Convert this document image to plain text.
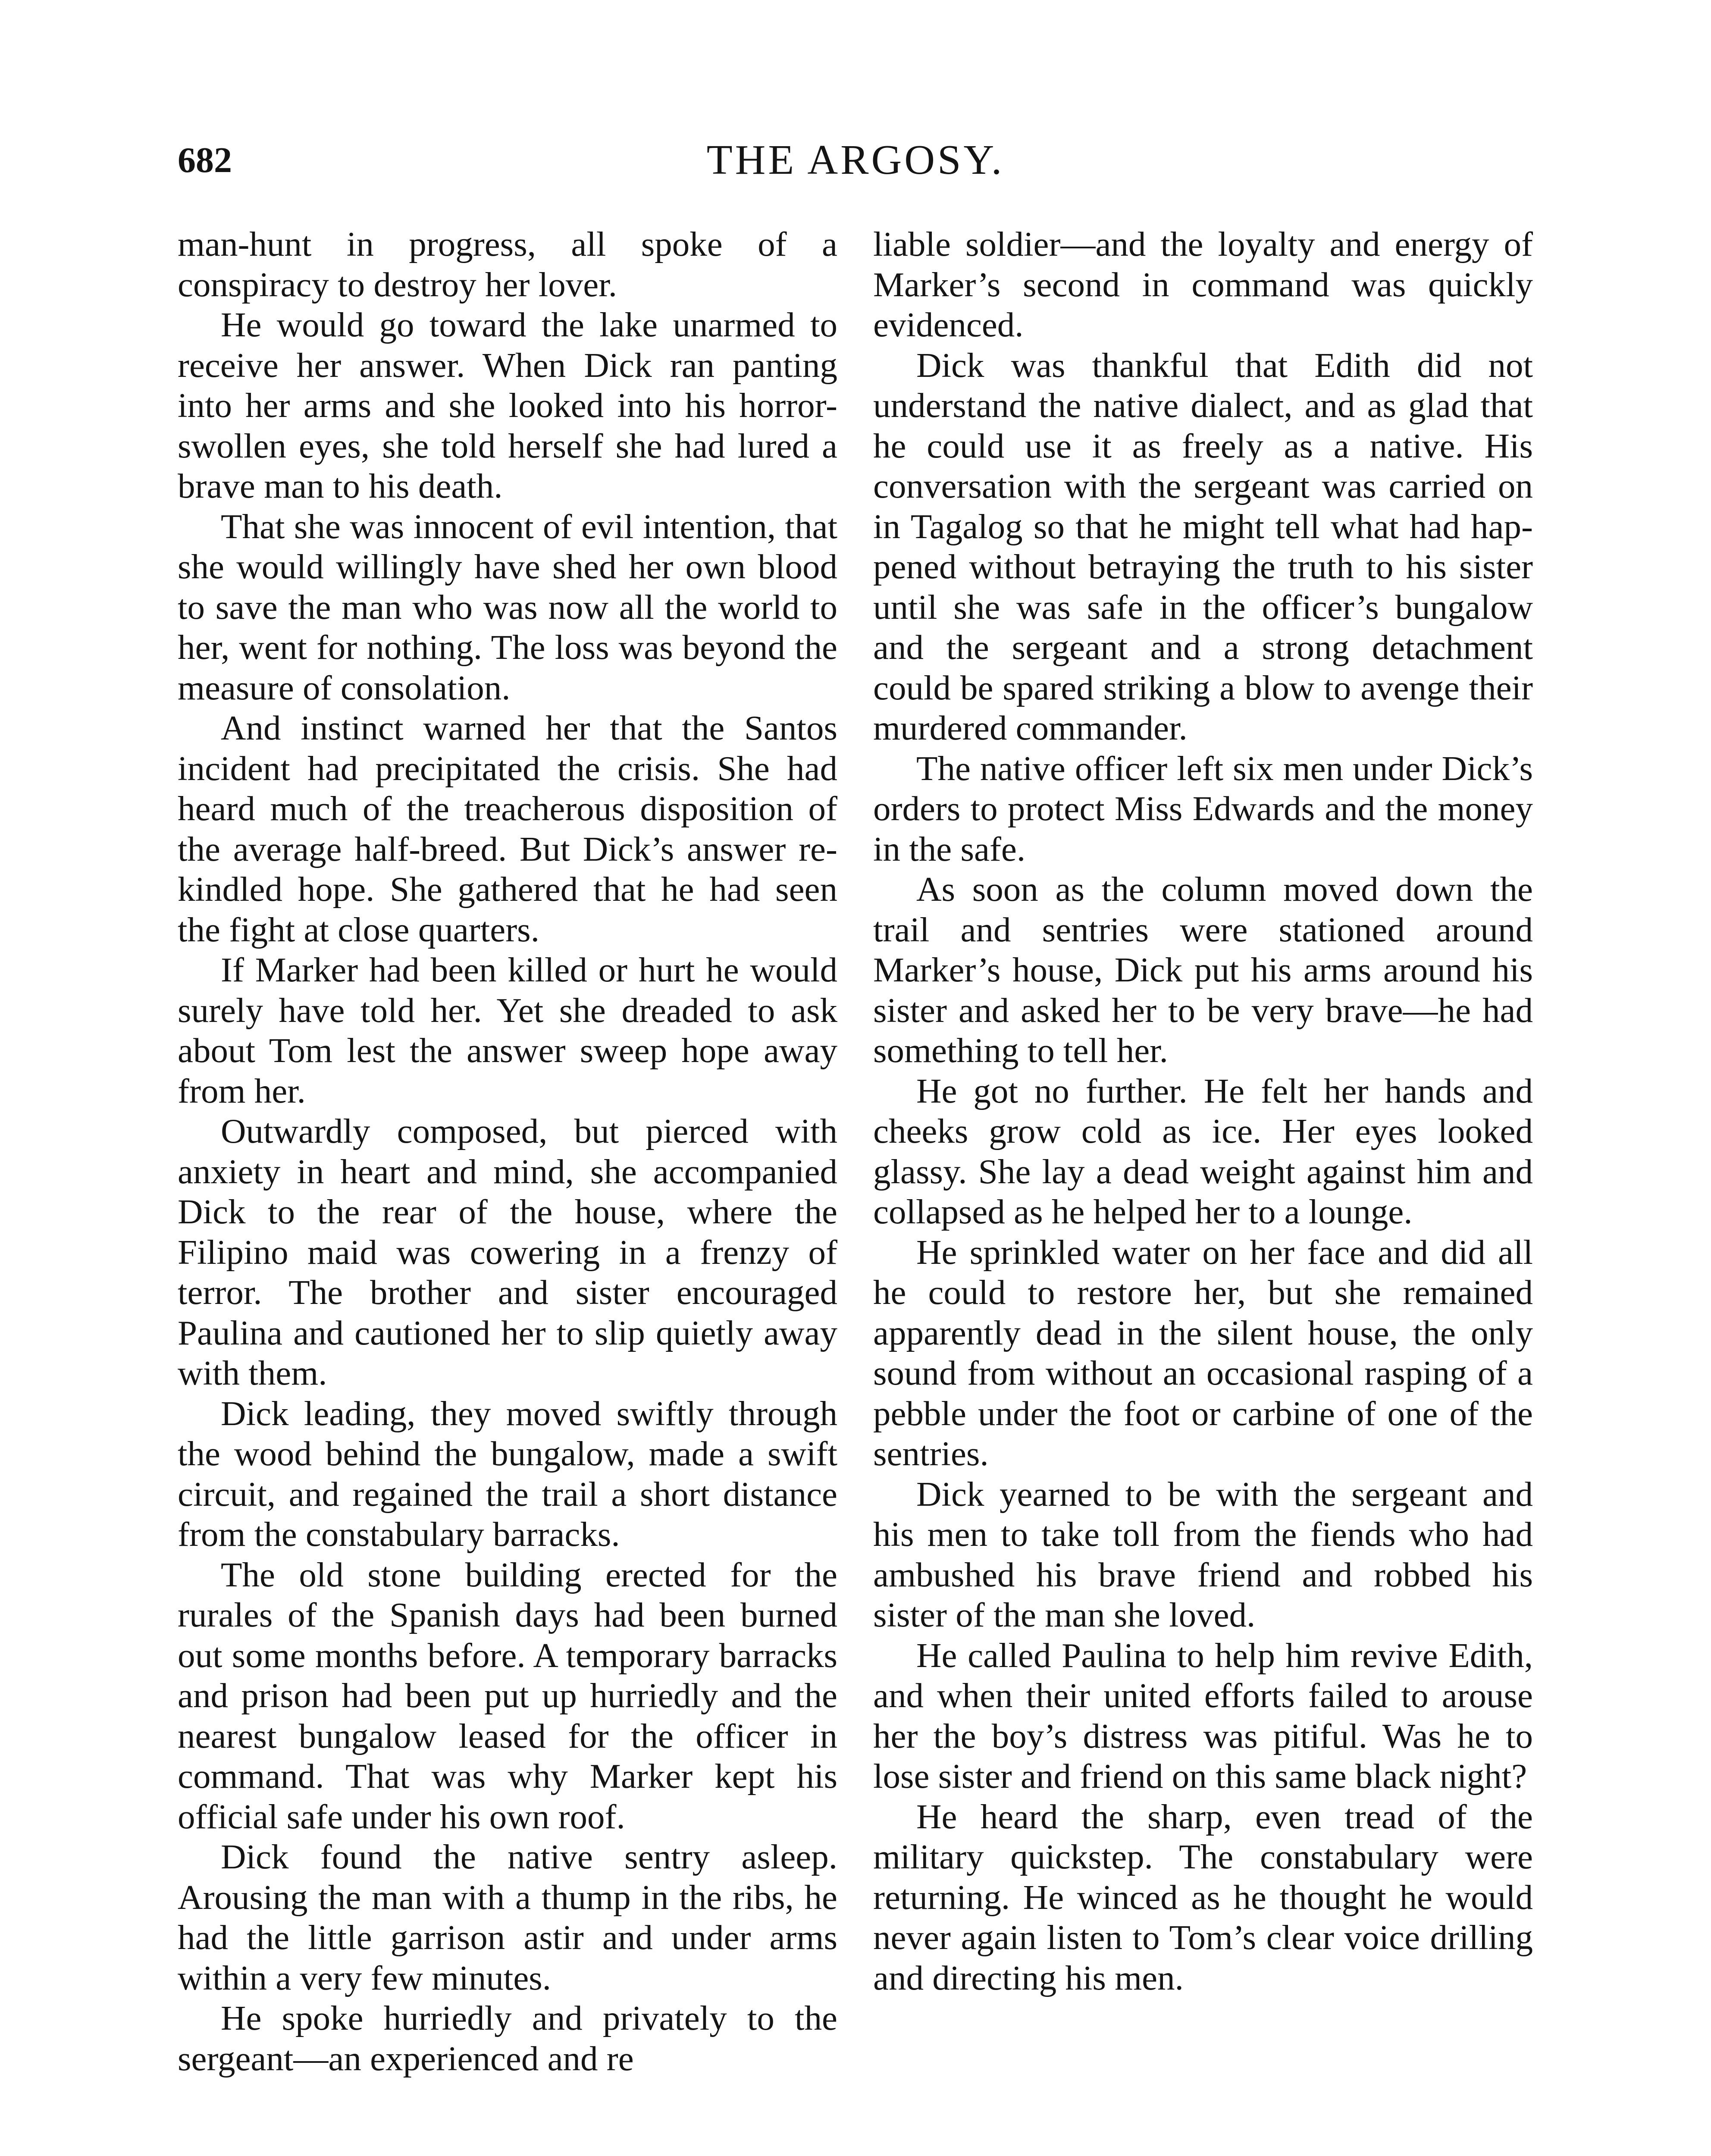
682	THE ARGOSY.

man-hunt in progress, all spoke of a conspiracy to destroy her lover.

He would go toward the lake unarmed to receive her answer. When Dick ran panting into her arms and she looked into his horror-swollen eyes, she told herself she had lured a brave man to his death.

That she was innocent of evil intention, that she would willingly have shed her own blood to save the man who was now all the world to her, went for nothing. The loss was beyond the measure of consolation.

And instinct warned her that the Santos incident had precipitated the crisis. She had heard much of the treacherous disposition of the average half-breed. But Dick’s answer rekindled hope. She gathered that he had seen the fight at close quarters.

If Marker had been killed or hurt he would surely have told her. Yet she dreaded to ask about Tom lest the answer sweep hope away from her.

Outwardly composed, but pierced with anxiety in heart and mind, she accompanied Dick to the rear of the house, where the Filipino maid was cowering in a frenzy of terror. The brother and sister encouraged Paulina and cautioned her to slip quietly away with them.

Dick leading, they moved swiftly through the wood behind the bungalow, made a swift circuit, and regained the trail a short distance from the constabulary barracks.

The old stone building erected for the rurales of the Spanish days had been burned out some months before. A temporary barracks and prison had been put up hurriedly and the nearest bungalow leased for the officer in command. That was why Marker kept his official safe under his own roof.

Dick found the native sentry asleep. Arousing the man with a thump in the ribs, he had the little garrison astir and under arms within a very few minutes.

He spoke hurriedly and privately to the sergeant—an experienced and re

liable soldier—and the loyalty and energy of Marker’s second in command was quickly evidenced.

Dick was thankful that Edith did not understand the native dialect, and as glad that he could use it as freely as a native. His conversation with the sergeant was carried on in Tagalog so that he might tell what had happened without betraying the truth to his sister until she was safe in the officer’s bungalow and the sergeant and a strong detachment could be spared striking a blow to avenge their murdered commander.

The native officer left six men under Dick’s orders to protect Miss Edwards and the money in the safe.

As soon as the column moved down the trail and sentries were stationed around Marker’s house, Dick put his arms around his sister and asked her to be very brave—he had something to tell her.

He got no further. He felt her hands and cheeks grow cold as ice. Her eyes looked glassy. She lay a dead weight against him and collapsed as he helped her to a lounge.

He sprinkled water on her face and did all he could to restore her, but she remained apparently dead in the silent house, the only sound from without an occasional rasping of a pebble under the foot or carbine of one of the sentries.

Dick yearned to be with the sergeant and his men to take toll from the fiends who had ambushed his brave friend and robbed his sister of the man she loved.

He called Paulina to help him revive Edith, and when their united efforts failed to arouse her the boy’s distress was pitiful. Was he to lose sister and friend on this same black night?

He heard the sharp, even tread of the military quickstep. The constabulary were returning. He winced as he thought he would never again listen to Tom’s clear voice drilling and directing his men.
